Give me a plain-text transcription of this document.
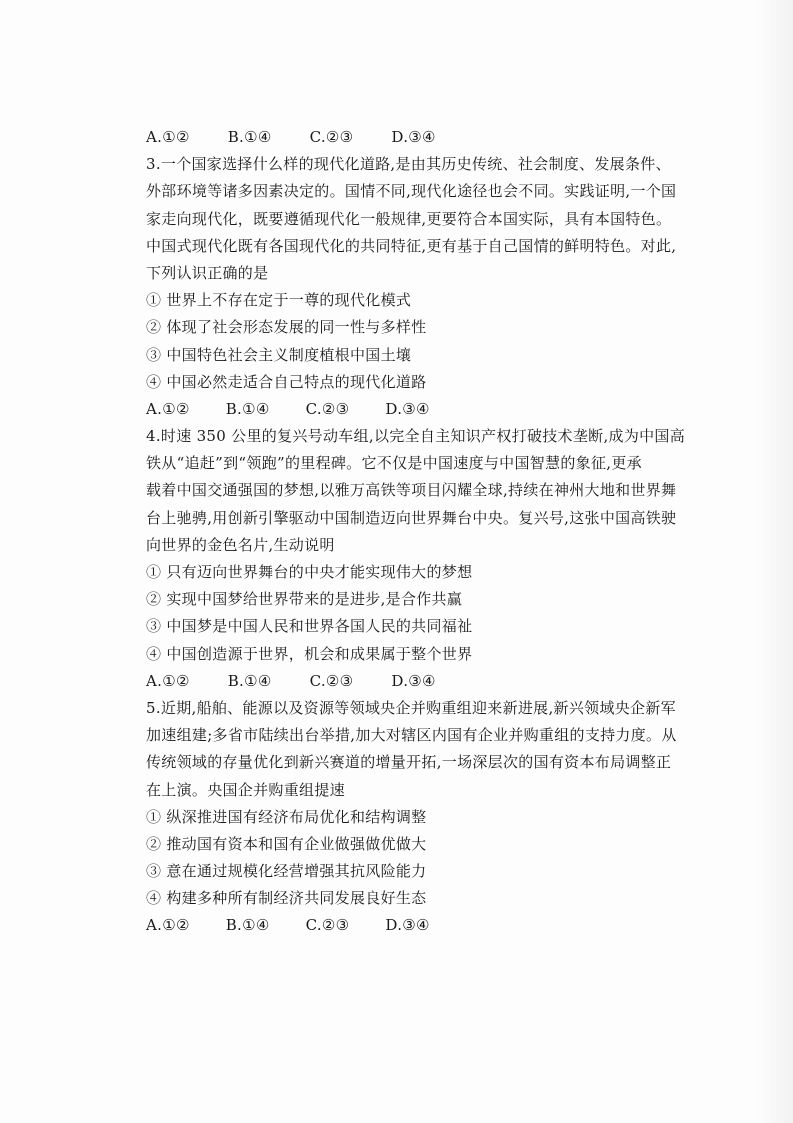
A.①②	B.①④	C.②③	D.③④
3.一个国家选择什么样的现代化道路,是由其历史传统、社会制度、发展条件、
外部环境等诸多因素决定的。国情不同,现代化途径也会不同。实践证明,一个国
家走向现代化，既要遵循现代化一般规律,更要符合本国实际，具有本国特色。
中国式现代化既有各国现代化的共同特征,更有基于自己国情的鲜明特色。对此,
下列认识正确的是
① 世界上不存在定于一尊的现代化模式
② 体现了社会形态发展的同一性与多样性
③ 中国特色社会主义制度植根中国土壤
④ 中国必然走适合自己特点的现代化道路
A.①② B.①④ C.②③ D.③④
4.时速 350 公里的复兴号动车组,以完全自主知识产权打破技术垄断,成为中国高
铁从“追赶”到“领跑”的里程碑。它不仅是中国速度与中国智慧的象征,更承
载着中国交通强国的梦想,以雅万高铁等项目闪耀全球,持续在神州大地和世界舞
台上驰骋,用创新引擎驱动中国制造迈向世界舞台中央。复兴号,这张中国高铁驶
向世界的金色名片,生动说明
① 只有迈向世界舞台的中央才能实现伟大的梦想
② 实现中国梦给世界带来的是进步,是合作共赢
③ 中国梦是中国人民和世界各国人民的共同福祉
④ 中国创造源于世界，机会和成果属于整个世界
A.①②	B.①④	C.②③	D.③④
5.近期,船舶、能源以及资源等领域央企并购重组迎来新进展,新兴领域央企新军
加速组建;多省市陆续出台举措,加大对辖区内国有企业并购重组的支持力度。从
传统领域的存量优化到新兴赛道的增量开拓,一场深层次的国有资本布局调整正
在上演。央国企并购重组提速
① 纵深推进国有经济布局优化和结构调整
② 推动国有资本和国有企业做强做优做大
③ 意在通过规模化经营增强其抗风险能力
④ 构建多种所有制经济共同发展良好生态
A.①② B.①④ C.②③ D.③④
